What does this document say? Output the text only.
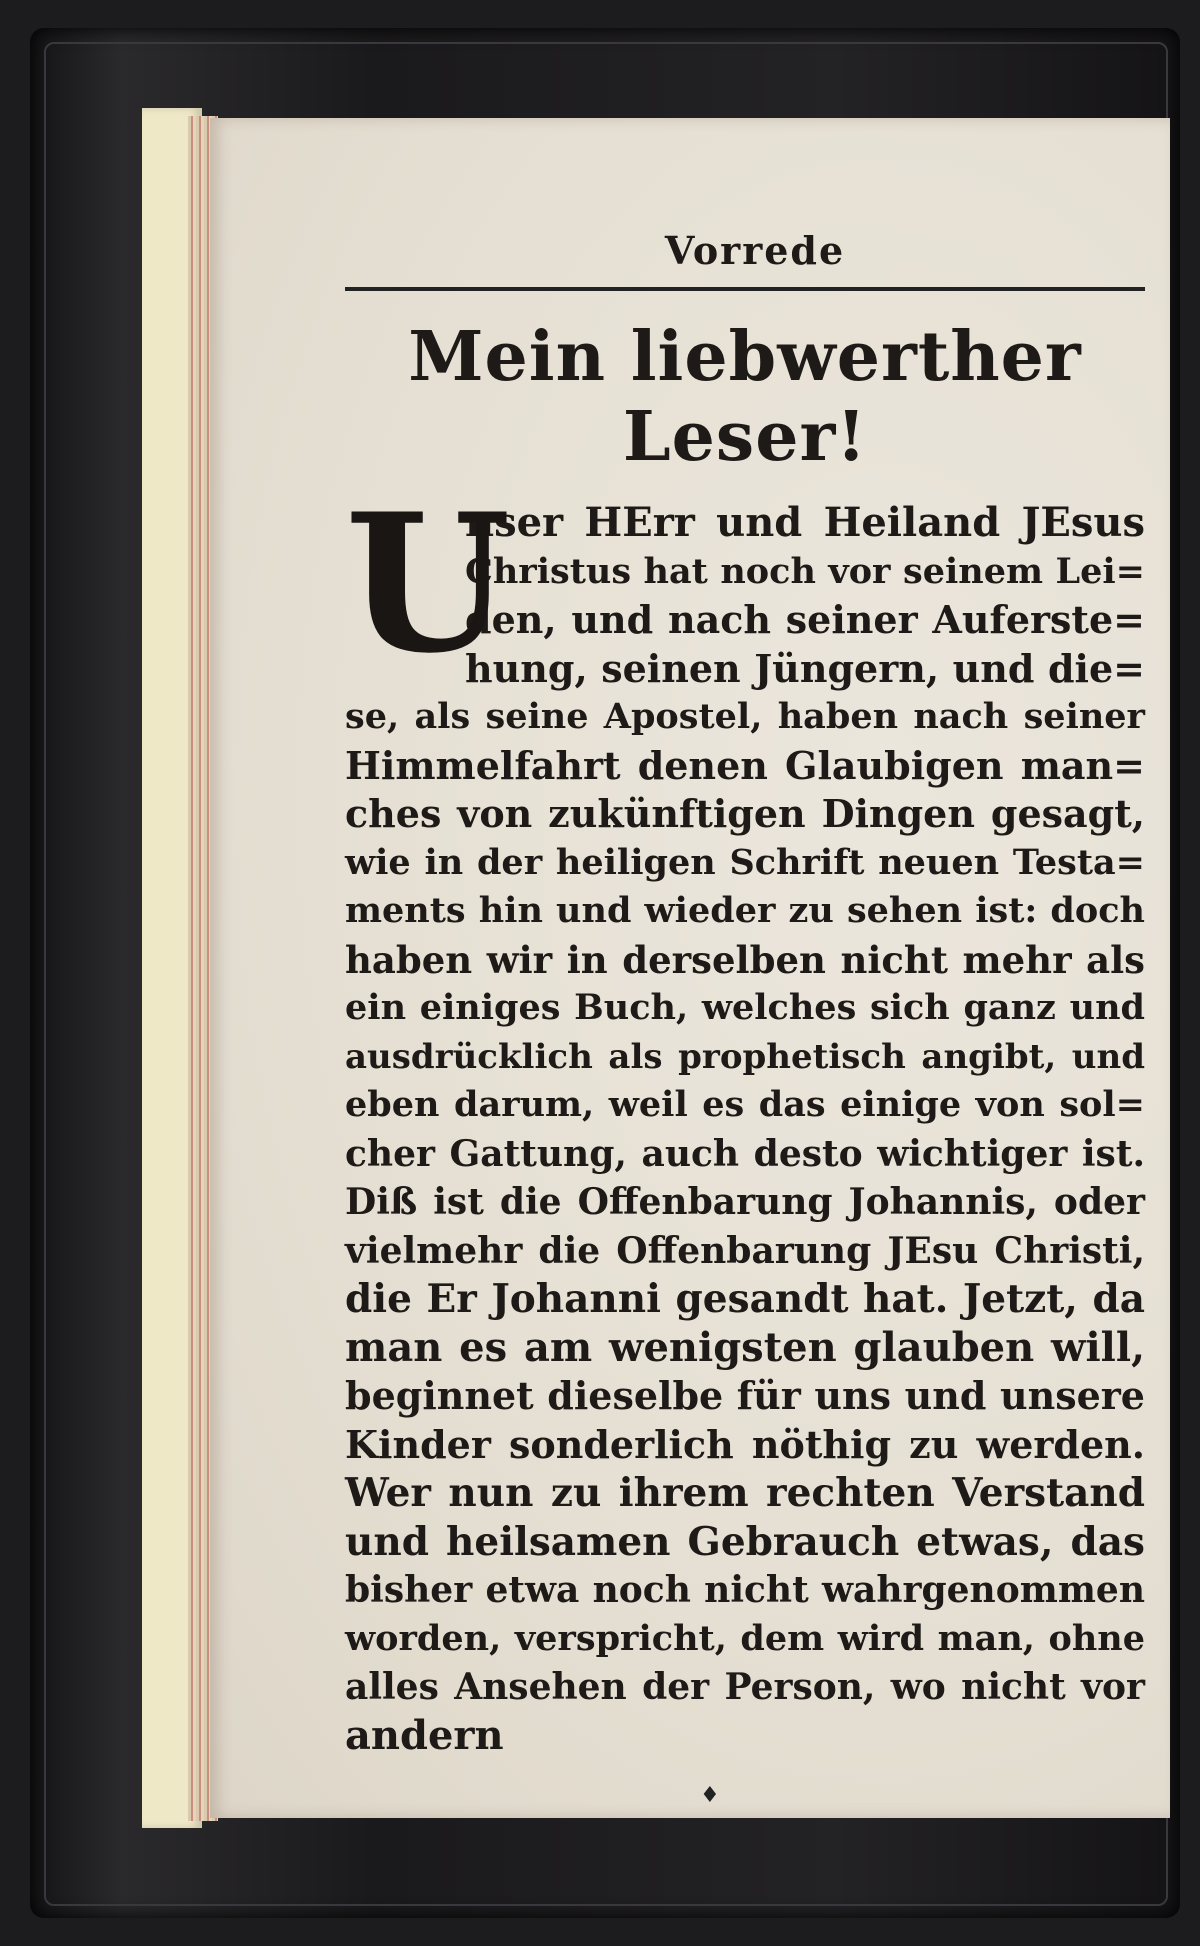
Vorrede
Mein liebwerther Leser!
U
nser HErr und Heiland JEsus
Christus hat noch vor seinem Lei=
den, und nach seiner Auferste=
hung, seinen Jüngern, und die=
se, als seine Apostel, haben nach seiner
Himmelfahrt denen Glaubigen man=
ches von zukünftigen Dingen gesagt,
wie in der heiligen Schrift neuen Testa=
ments hin und wieder zu sehen ist: doch
haben wir in derselben nicht mehr als
ein einiges Buch, welches sich ganz und
ausdrücklich als prophetisch angibt, und
eben darum, weil es das einige von sol=
cher Gattung, auch desto wichtiger ist.
Diß ist die Offenbarung Johannis, oder
vielmehr die Offenbarung JEsu Christi,
die Er Johanni gesandt hat. Jetzt, da
man es am wenigsten glauben will,
beginnet dieselbe für uns und unsere
Kinder sonderlich nöthig zu werden.
Wer nun zu ihrem rechten Verstand
und heilsamen Gebrauch etwas, das
bisher etwa noch nicht wahrgenommen
worden, verspricht, dem wird man, ohne
alles Ansehen der Person, wo nicht vor
andern
♦
